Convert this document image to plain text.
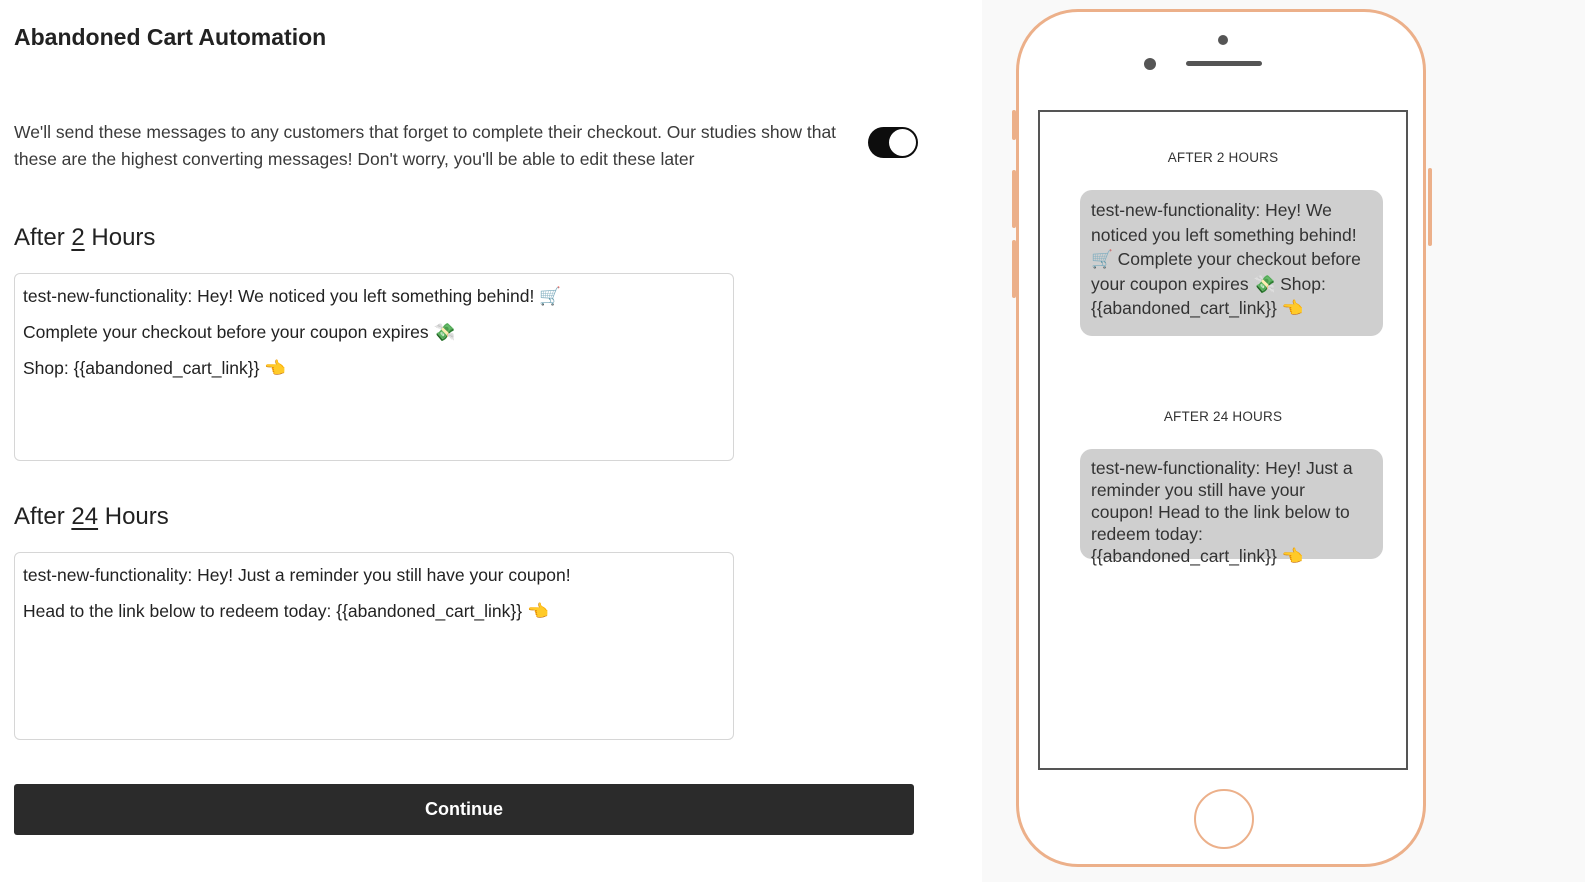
Abandoned Cart Automation

We'll send these messages to any customers that forget to complete their checkout. Our studies show that these are the highest converting messages! Don't worry, you'll be able to edit these later

After 2 Hours
test-new-functionality: Hey! We noticed you left something behind! 🛒
Complete your checkout before your coupon expires 💸
Shop: {{abandoned_cart_link}} 👈
After 24 Hours
test-new-functionality: Hey! Just a reminder you still have your coupon!
Head to the link below to redeem today: {{abandoned_cart_link}} 👈
Continue
AFTER 2 HOURS
test-new-functionality: Hey! We noticed you left something behind! 🛒 Complete your checkout before your coupon expires 💸 Shop: {{abandoned_cart_link}} 👈
AFTER 24 HOURS
test-new-functionality: Hey! Just a reminder you still have your coupon! Head to the link below to redeem today: {{abandoned_cart_link}} 👈
